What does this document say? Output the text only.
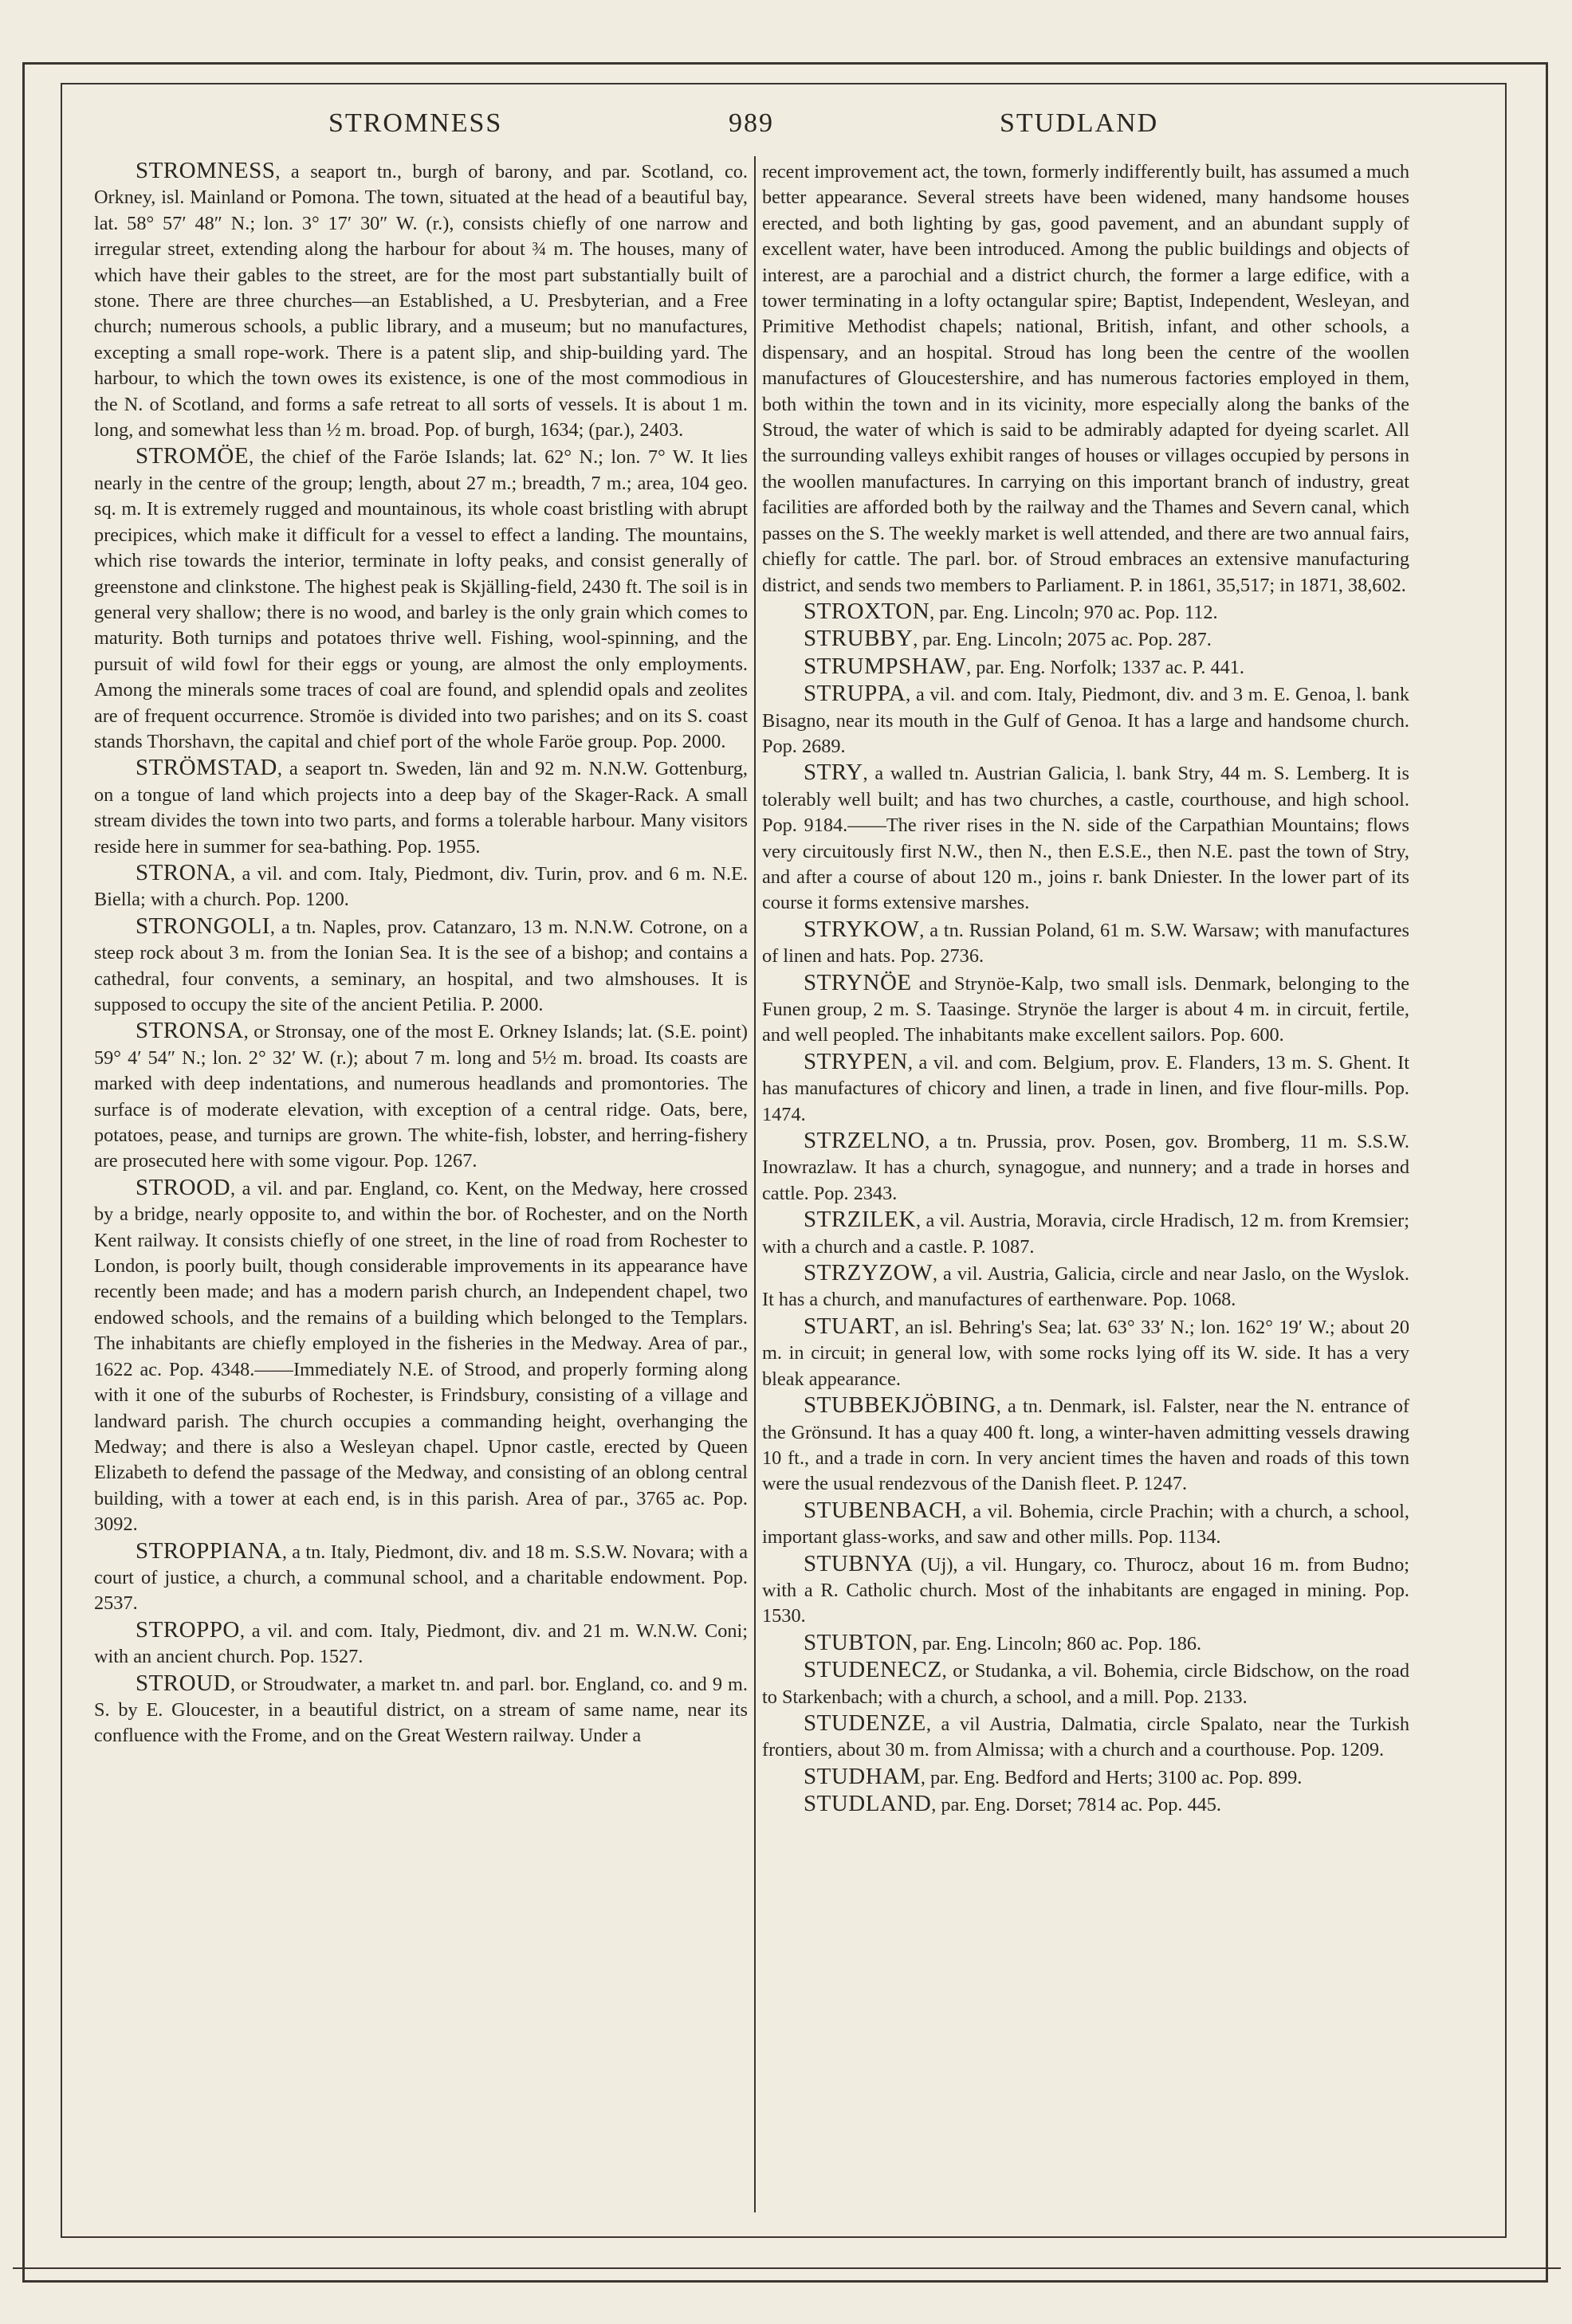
STROMNESS	989	STUDLAND

STROMNESS, a seaport tn., burgh of barony, and par. Scotland, co. Orkney, isl. Mainland or Pomona. The town, situated at the head of a beautiful bay, lat. 58° 57′ 48″ N.; lon. 3° 17′ 30″ W. (r.), consists chiefly of one narrow and irregular street, extending along the harbour for about ¾ m. The houses, many of which have their gables to the street, are for the most part substantially built of stone. There are three churches—an Established, a U. Presbyterian, and a Free church; numerous schools, a public library, and a museum; but no manufactures, excepting a small rope-work. There is a patent slip, and ship-building yard. The harbour, to which the town owes its existence, is one of the most commodious in the N. of Scotland, and forms a safe retreat to all sorts of vessels. It is about 1 m. long, and somewhat less than ½ m. broad. Pop. of burgh, 1634; (par.), 2403.

STROMÖE, the chief of the Faröe Islands; lat. 62° N.; lon. 7° W. It lies nearly in the centre of the group; length, about 27 m.; breadth, 7 m.; area, 104 geo. sq. m. It is extremely rugged and mountainous, its whole coast bristling with abrupt precipices, which make it difficult for a vessel to effect a landing. The mountains, which rise towards the interior, terminate in lofty peaks, and consist generally of greenstone and clinkstone. The highest peak is Skjälling-field, 2430 ft. The soil is in general very shallow; there is no wood, and barley is the only grain which comes to maturity. Both turnips and potatoes thrive well. Fishing, wool-spinning, and the pursuit of wild fowl for their eggs or young, are almost the only employments. Among the minerals some traces of coal are found, and splendid opals and zeolites are of frequent occurrence. Stromöe is divided into two parishes; and on its S. coast stands Thorshavn, the capital and chief port of the whole Faröe group. Pop. 2000.

STRÖMSTAD, a seaport tn. Sweden, län and 92 m. N.N.W. Gottenburg, on a tongue of land which projects into a deep bay of the Skager-Rack. A small stream divides the town into two parts, and forms a tolerable harbour. Many visitors reside here in summer for sea-bathing. Pop. 1955.

STRONA, a vil. and com. Italy, Piedmont, div. Turin, prov. and 6 m. N.E. Biella; with a church. Pop. 1200.

STRONGOLI, a tn. Naples, prov. Catanzaro, 13 m. N.N.W. Cotrone, on a steep rock about 3 m. from the Ionian Sea. It is the see of a bishop; and contains a cathedral, four convents, a seminary, an hospital, and two almshouses. It is supposed to occupy the site of the ancient Petilia. P. 2000.

STRONSA, or Stronsay, one of the most E. Orkney Islands; lat. (S.E. point) 59° 4′ 54″ N.; lon. 2° 32′ W. (r.); about 7 m. long and 5½ m. broad. Its coasts are marked with deep indentations, and numerous headlands and promontories. The surface is of moderate elevation, with exception of a central ridge. Oats, bere, potatoes, pease, and turnips are grown. The white-fish, lobster, and herring-fishery are prosecuted here with some vigour. Pop. 1267.

STROOD, a vil. and par. England, co. Kent, on the Medway, here crossed by a bridge, nearly opposite to, and within the bor. of Rochester, and on the North Kent railway. It consists chiefly of one street, in the line of road from Rochester to London, is poorly built, though considerable improvements in its appearance have recently been made; and has a modern parish church, an Independent chapel, two endowed schools, and the remains of a building which belonged to the Templars. The inhabitants are chiefly employed in the fisheries in the Medway. Area of par., 1622 ac. Pop. 4348.——Immediately N.E. of Strood, and properly forming along with it one of the suburbs of Rochester, is Frindsbury, consisting of a village and landward parish. The church occupies a commanding height, overhanging the Medway; and there is also a Wesleyan chapel. Upnor castle, erected by Queen Elizabeth to defend the passage of the Medway, and consisting of an oblong central building, with a tower at each end, is in this parish. Area of par., 3765 ac. Pop. 3092.

STROPPIANA, a tn. Italy, Piedmont, div. and 18 m. S.S.W. Novara; with a court of justice, a church, a communal school, and a charitable endowment. Pop. 2537.

STROPPO, a vil. and com. Italy, Piedmont, div. and 21 m. W.N.W. Coni; with an ancient church. Pop. 1527.

STROUD, or Stroudwater, a market tn. and parl. bor. England, co. and 9 m. S. by E. Gloucester, in a beautiful district, on a stream of same name, near its confluence with the Frome, and on the Great Western railway. Under a

recent improvement act, the town, formerly indifferently built, has assumed a much better appearance. Several streets have been widened, many handsome houses erected, and both lighting by gas, good pavement, and an abundant supply of excellent water, have been introduced. Among the public buildings and objects of interest, are a parochial and a district church, the former a large edifice, with a tower terminating in a lofty octangular spire; Baptist, Independent, Wesleyan, and Primitive Methodist chapels; national, British, infant, and other schools, a dispensary, and an hospital. Stroud has long been the centre of the woollen manufactures of Gloucestershire, and has numerous factories employed in them, both within the town and in its vicinity, more especially along the banks of the Stroud, the water of which is said to be admirably adapted for dyeing scarlet. All the surrounding valleys exhibit ranges of houses or villages occupied by persons in the woollen manufactures. In carrying on this important branch of industry, great facilities are afforded both by the railway and the Thames and Severn canal, which passes on the S. The weekly market is well attended, and there are two annual fairs, chiefly for cattle. The parl. bor. of Stroud embraces an extensive manufacturing district, and sends two members to Parliament. P. in 1861, 35,517; in 1871, 38,602.

STROXTON, par. Eng. Lincoln; 970 ac. Pop. 112.

STRUBBY, par. Eng. Lincoln; 2075 ac. Pop. 287.

STRUMPSHAW, par. Eng. Norfolk; 1337 ac. P. 441.

STRUPPA, a vil. and com. Italy, Piedmont, div. and 3 m. E. Genoa, l. bank Bisagno, near its mouth in the Gulf of Genoa. It has a large and handsome church. Pop. 2689.

STRY, a walled tn. Austrian Galicia, l. bank Stry, 44 m. S. Lemberg. It is tolerably well built; and has two churches, a castle, courthouse, and high school. Pop. 9184.——The river rises in the N. side of the Carpathian Mountains; flows very circuitously first N.W., then N., then E.S.E., then N.E. past the town of Stry, and after a course of about 120 m., joins r. bank Dniester. In the lower part of its course it forms extensive marshes.

STRYKOW, a tn. Russian Poland, 61 m. S.W. Warsaw; with manufactures of linen and hats. Pop. 2736.

STRYNÖE and Strynöe-Kalp, two small isls. Denmark, belonging to the Funen group, 2 m. S. Taasinge. Strynöe the larger is about 4 m. in circuit, fertile, and well peopled. The inhabitants make excellent sailors. Pop. 600.

STRYPEN, a vil. and com. Belgium, prov. E. Flanders, 13 m. S. Ghent. It has manufactures of chicory and linen, a trade in linen, and five flour-mills. Pop. 1474.

STRZELNO, a tn. Prussia, prov. Posen, gov. Bromberg, 11 m. S.S.W. Inowrazlaw. It has a church, synagogue, and nunnery; and a trade in horses and cattle. Pop. 2343.

STRZILEK, a vil. Austria, Moravia, circle Hradisch, 12 m. from Kremsier; with a church and a castle. P. 1087.

STRZYZOW, a vil. Austria, Galicia, circle and near Jaslo, on the Wyslok. It has a church, and manufactures of earthenware. Pop. 1068.

STUART, an isl. Behring's Sea; lat. 63° 33′ N.; lon. 162° 19′ W.; about 20 m. in circuit; in general low, with some rocks lying off its W. side. It has a very bleak appearance.

STUBBEKJÖBING, a tn. Denmark, isl. Falster, near the N. entrance of the Grönsund. It has a quay 400 ft. long, a winter-haven admitting vessels drawing 10 ft., and a trade in corn. In very ancient times the haven and roads of this town were the usual rendezvous of the Danish fleet. P. 1247.

STUBENBACH, a vil. Bohemia, circle Prachin; with a church, a school, important glass-works, and saw and other mills. Pop. 1134.

STUBNYA (Uj), a vil. Hungary, co. Thurocz, about 16 m. from Budno; with a R. Catholic church. Most of the inhabitants are engaged in mining. Pop. 1530.

STUBTON, par. Eng. Lincoln; 860 ac. Pop. 186.

STUDENECZ, or Studanka, a vil. Bohemia, circle Bidschow, on the road to Starkenbach; with a church, a school, and a mill. Pop. 2133.

STUDENZE, a vil Austria, Dalmatia, circle Spalato, near the Turkish frontiers, about 30 m. from Almissa; with a church and a courthouse. Pop. 1209.

STUDHAM, par. Eng. Bedford and Herts; 3100 ac. Pop. 899.

STUDLAND, par. Eng. Dorset; 7814 ac. Pop. 445.
